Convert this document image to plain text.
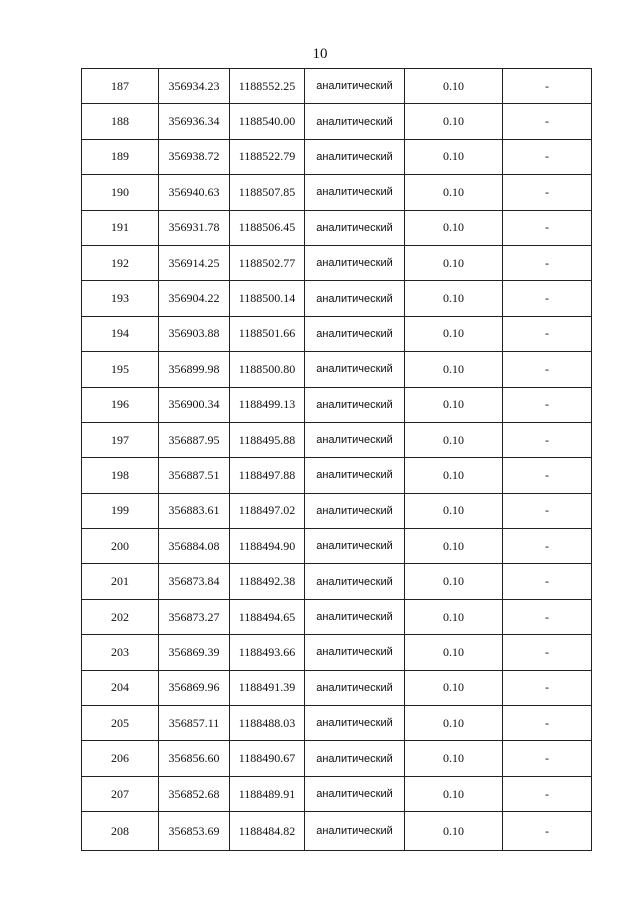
10
187	356934.23	1188552.25	аналитический	0.10	-
188	356936.34	1188540.00	аналитический	0.10	-
189	356938.72	1188522.79	аналитический	0.10	-
190	356940.63	1188507.85	аналитический	0.10	-
191	356931.78	1188506.45	аналитический	0.10	-
192	356914.25	1188502.77	аналитический	0.10	-
193	356904.22	1188500.14	аналитический	0.10	-
194	356903.88	1188501.66	аналитический	0.10	-
195	356899.98	1188500.80	аналитический	0.10	-
196	356900.34	1188499.13	аналитический	0.10	-
197	356887.95	1188495.88	аналитический	0.10	-
198	356887.51	1188497.88	аналитический	0.10	-
199	356883.61	1188497.02	аналитический	0.10	-
200	356884.08	1188494.90	аналитический	0.10	-
201	356873.84	1188492.38	аналитический	0.10	-
202	356873.27	1188494.65	аналитический	0.10	-
203	356869.39	1188493.66	аналитический	0.10	-
204	356869.96	1188491.39	аналитический	0.10	-
205	356857.11	1188488.03	аналитический	0.10	-
206	356856.60	1188490.67	аналитический	0.10	-
207	356852.68	1188489.91	аналитический	0.10	-
208	356853.69	1188484.82	аналитический	0.10	-
